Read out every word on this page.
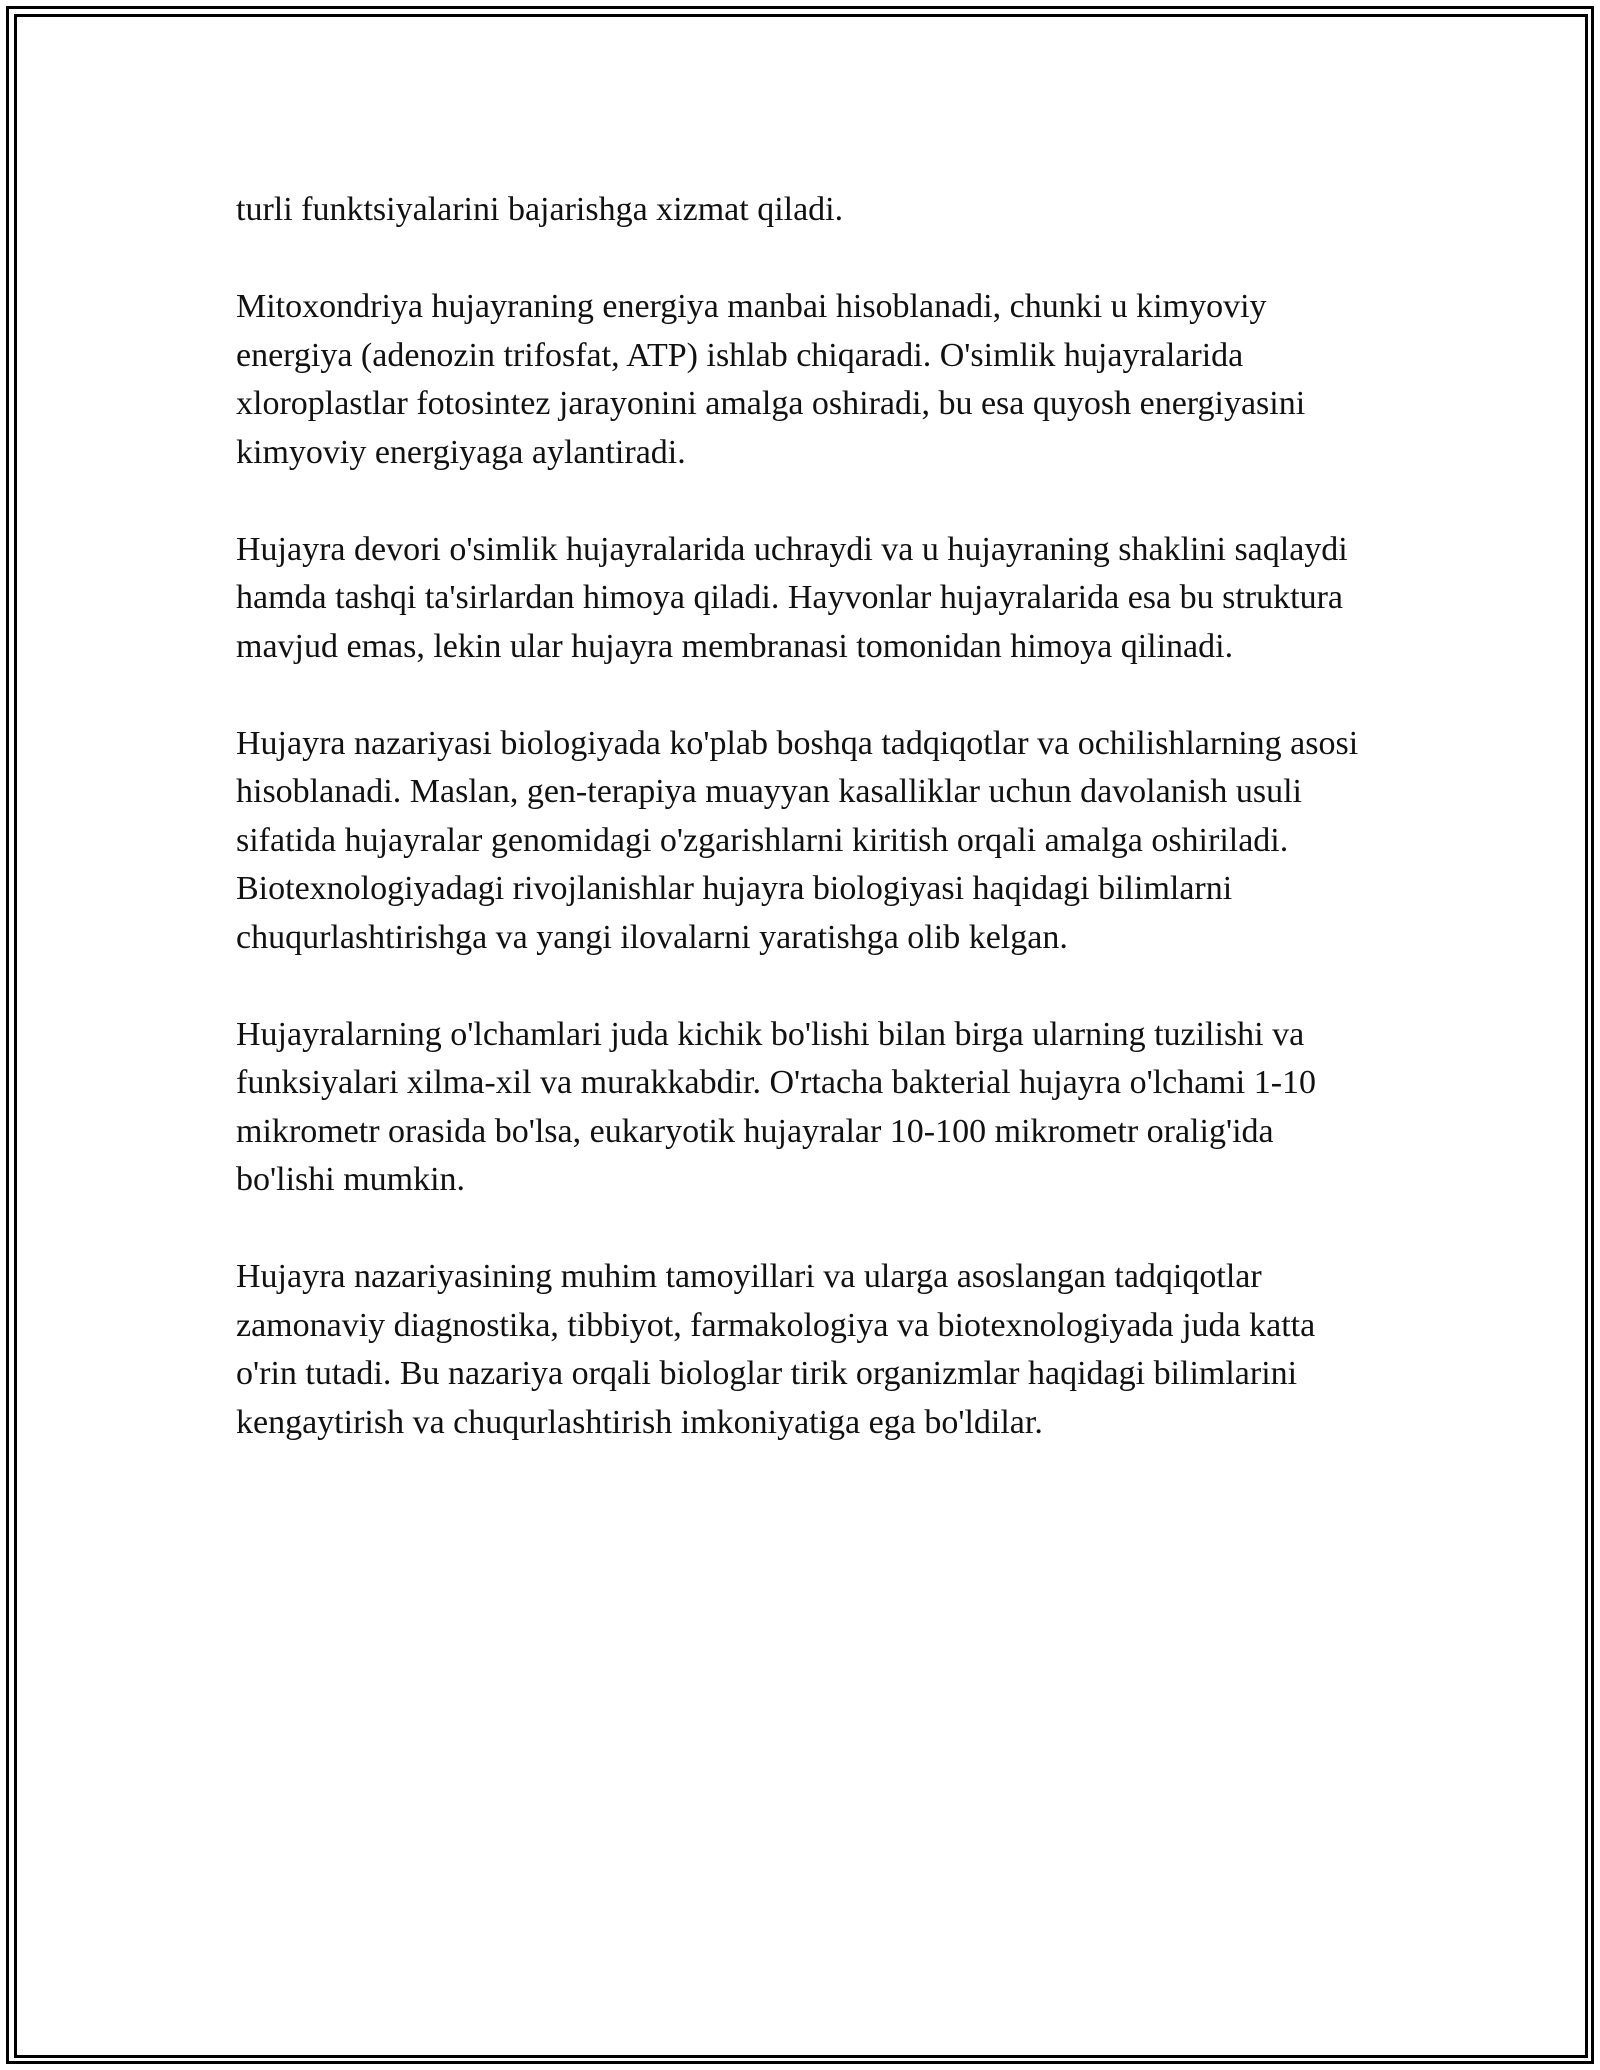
turli funktsiyalarini bajarishga xizmat qiladi.

Mitoxondriya hujayraning energiya manbai hisoblanadi, chunki u kimyoviy energiya (adenozin trifosfat, ATP) ishlab chiqaradi. O'simlik hujayralarida xloroplastlar fotosintez jarayonini amalga oshiradi, bu esa quyosh energiyasini kimyoviy energiyaga aylantiradi.

Hujayra devori o'simlik hujayralarida uchraydi va u hujayraning shaklini saqlaydi hamda tashqi ta'sirlardan himoya qiladi. Hayvonlar hujayralarida esa bu struktura mavjud emas, lekin ular hujayra membranasi tomonidan himoya qilinadi.

Hujayra nazariyasi biologiyada ko'plab boshqa tadqiqotlar va ochilishlarning asosi hisoblanadi. Maslan, gen-terapiya muayyan kasalliklar uchun davolanish usuli sifatida hujayralar genomidagi o'zgarishlarni kiritish orqali amalga oshiriladi. Biotexnologiyadagi rivojlanishlar hujayra biologiyasi haqidagi bilimlarni chuqurlashtirishga va yangi ilovalarni yaratishga olib kelgan.

Hujayralarning o'lchamlari juda kichik bo'lishi bilan birga ularning tuzilishi va funksiyalari xilma-xil va murakkabdir. O'rtacha bakterial hujayra o'lchami 1-10 mikrometr orasida bo'lsa, eukaryotik hujayralar 10-100 mikrometr oralig'ida bo'lishi mumkin.

Hujayra nazariyasining muhim tamoyillari va ularga asoslangan tadqiqotlar zamonaviy diagnostika, tibbiyot, farmakologiya va biotexnologiyada juda katta o'rin tutadi. Bu nazariya orqali biologlar tirik organizmlar haqidagi bilimlarini kengaytirish va chuqurlashtirish imkoniyatiga ega bo'ldilar.
